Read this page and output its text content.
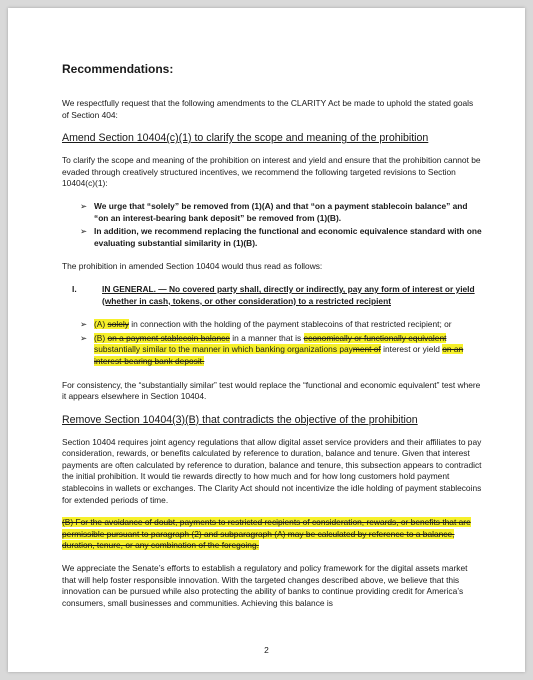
Recommendations:

We respectfully request that the following amendments to the CLARITY Act be made to uphold the stated goals of Section 404:

Amend Section 10404(c)(1) to clarify the scope and meaning of the prohibition

To clarify the scope and meaning of the prohibition on interest and yield and ensure that the prohibition cannot be evaded through creatively structured incentives, we recommend the following targeted revisions to Section 10404(c)(1):

➢ We urge that “solely” be removed from (1)(A) and that “on a payment stablecoin balance” and “on an interest-bearing bank deposit” be removed from (1)(B).
➢ In addition, we recommend replacing the functional and economic equivalence standard with one evaluating substantial similarity in (1)(B).

The prohibition in amended Section 10404 would thus read as follows:

I.	IN GENERAL. — No covered party shall, directly or indirectly, pay any form of interest or yield (whether in cash, tokens, or other consideration) to a restricted recipient
➢ (A) solely in connection with the holding of the payment stablecoins of that restricted recipient; or
➢ (B) on a payment stablecoin balance in a manner that is economically or functionally equivalent substantially similar to the manner in which banking organizations payment of interest or yield on an interest-bearing bank deposit.

For consistency, the “substantially similar” test would replace the “functional and economic equivalent” test where it appears elsewhere in Section 10404.

Remove Section 10404(3)(B) that contradicts the objective of the prohibition

Section 10404 requires joint agency regulations that allow digital asset service providers and their affiliates to pay consideration, rewards, or benefits calculated by reference to duration, balance and tenure. Given that interest payments are often calculated by reference to duration, balance and tenure, this subsection appears to contradict the initial prohibition. It would tie rewards directly to how much and for how long customers hold payment stablecoins in wallets or exchanges. The Clarity Act should not incentivize the idle holding of payment stablecoins for extended periods of time.

(B) For the avoidance of doubt, payments to restricted recipients of consideration, rewards, or benefits that are permissible pursuant to paragraph (2) and subparagraph (A) may be calculated by reference to a balance, duration, tenure, or any combination of the foregoing.

We appreciate the Senate’s efforts to establish a regulatory and policy framework for the digital assets market that will help foster responsible innovation. With the targeted changes described above, we believe that this innovation can be pursued while also protecting the ability of banks to continue providing credit for America’s consumers, small businesses and communities. Achieving this balance is

2
